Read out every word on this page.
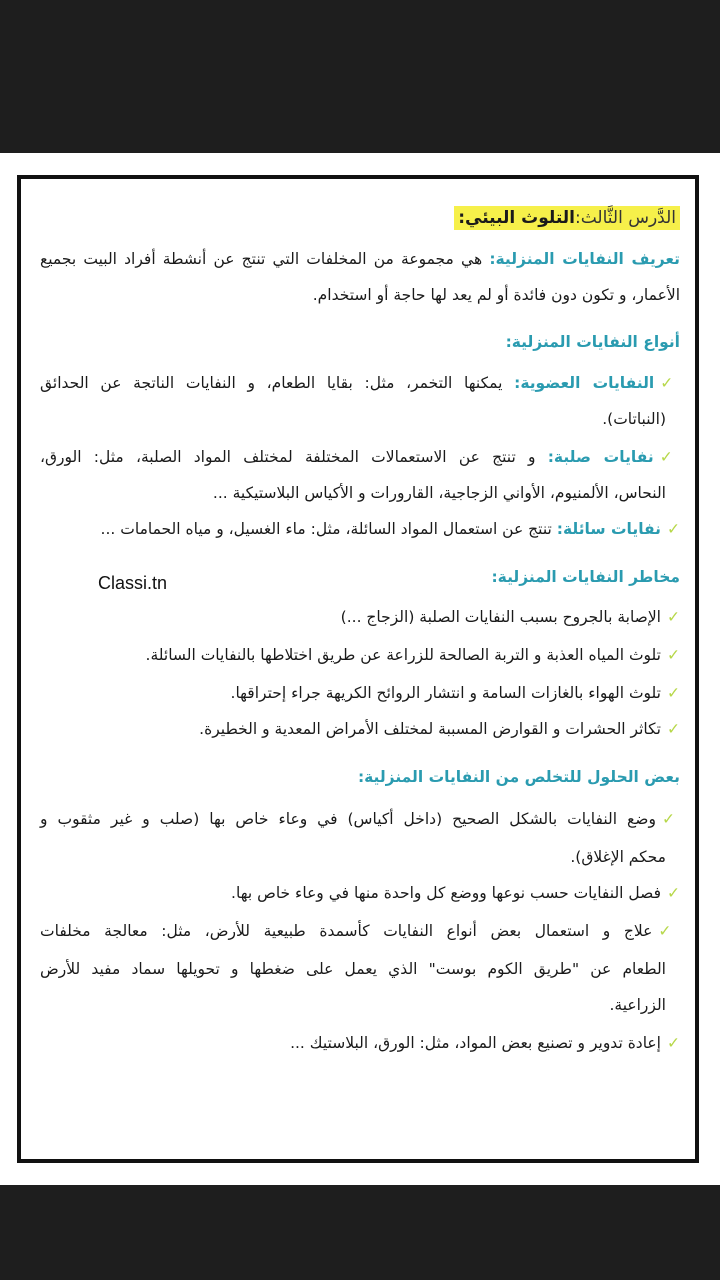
Classi.tn
الدَّرس الثَّالث:التلوث البيئي:
تعريف النفايات المنزلية: هي مجموعة من المخلفات التي تنتج عن أنشطة أفراد البيت بجميع
الأعمار، و تكون دون فائدة أو لم يعد لها حاجة أو استخدام.
أنواع النفايات المنزلية:
✓النفايات العضوية: يمكنها التخمر، مثل: بقايا الطعام، و النفايات الناتجة عن الحدائق
(النباتات).
✓نفايات صلبة: و تنتج عن الاستعمالات المختلفة لمختلف المواد الصلبة، مثل: الورق،
النحاس، الألمنيوم، الأواني الزجاجية، القارورات و الأكياس البلاستيكية ...
✓نفايات سائلة: تنتج عن استعمال المواد السائلة، مثل: ماء الغسيل، و مياه الحمامات ...
مخاطر النفايات المنزلية:
✓الإصابة بالجروح بسبب النفايات الصلبة (الزجاج ...)
✓تلوث المياه العذبة و التربة الصالحة للزراعة عن طريق اختلاطها بالنفايات السائلة.
✓تلوث الهواء بالغازات السامة و انتشار الروائح الكريهة جراء إحتراقها.
✓تكاثر الحشرات و القوارض المسببة لمختلف الأمراض المعدية و الخطيرة.
بعض الحلول للتخلص من النفايات المنزلية:
✓وضع النفايات بالشكل الصحيح (داخل أكياس) في وعاء خاص بها (صلب و غير مثقوب و
محكم الإغلاق).
✓فصل النفايات حسب نوعها ووضع كل واحدة منها في وعاء خاص بها.
✓علاج و استعمال بعض أنواع النفايات كأسمدة طبيعية للأرض، مثل: معالجة مخلفات
الطعام عن "طريق الكوم بوست" الذي يعمل على ضغطها و تحويلها سماد مفيد للأرض
الزراعية.
✓إعادة تدوير و تصنيع بعض المواد، مثل: الورق، البلاستيك ...
